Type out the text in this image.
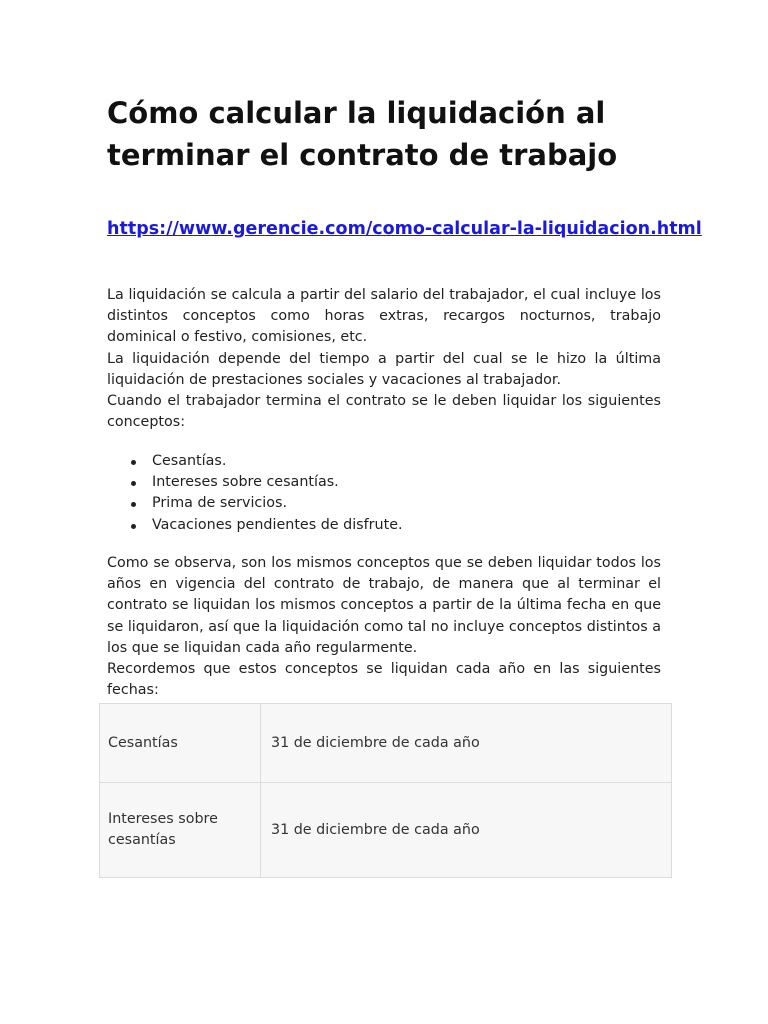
Cómo calcular la liquidación al terminar el contrato de trabajo
https://www.gerencie.com/como-calcular-la-liquidacion.html

La liquidación se calcula a partir del salario del trabajador, el cual incluye los distintos conceptos como horas extras, recargos nocturnos, trabajo dominical o festivo, comisiones, etc.

La liquidación depende del tiempo a partir del cual se le hizo la última liquidación de prestaciones sociales y vacaciones al trabajador.

Cuando el trabajador termina el contrato se le deben liquidar los siguientes conceptos:

Cesantías.
Intereses sobre cesantías.
Prima de servicios.
Vacaciones pendientes de disfrute.

Como se observa, son los mismos conceptos que se deben liquidar todos los años en vigencia del contrato de trabajo, de manera que al terminar el contrato se liquidan los mismos conceptos a partir de la última fecha en que se liquidaron, así que la liquidación como tal no incluye conceptos distintos a los que se liquidan cada año regularmente.

Recordemos que estos conceptos se liquidan cada año en las siguientes fechas:

Cesantías	31 de diciembre de cada año
Intereses sobre cesantías	31 de diciembre de cada año
